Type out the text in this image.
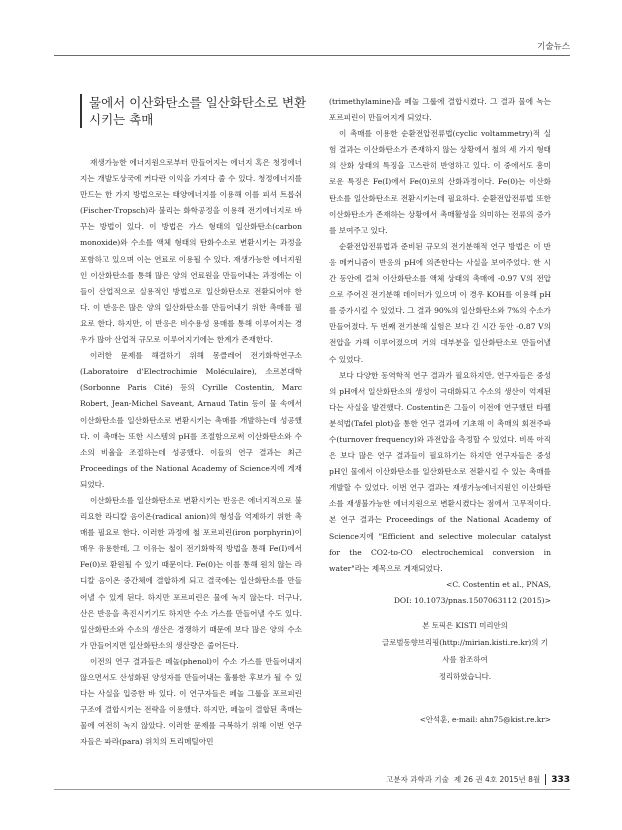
기술뉴스
물에서 이산화탄소를 일산화탄소로 변환시키는 촉매

재생가능한 에너지원으로부터 만들어지는 에너지 혹은 청정에너지는 개발도상국에 커다란 이익을 가져다 줄 수 있다. 청정에너지를 만드는 한 가지 방법으로는 태양에너지를 이용해 이를 피셔 트롭쉬(Fischer-Tropsch)라 불리는 화학공정을 이용해 전기에너지로 바꾸는 방법이 있다. 이 방법은 가스 형태의 일산화탄소(carbon monoxide)와 수소를 액체 형태의 탄화수소로 변환시키는 과정을 포함하고 있으며 이는 연료로 이용될 수 있다. 재생가능한 에너지원인 이산화탄소를 통해 많은 양의 연료원을 만들어내는 과정에는 이들이 산업적으로 실용적인 방법으로 일산화탄소로 전환되어야 한다. 이 반응은 많은 양의 일산화탄소를 만들어내기 위한 촉매를 필요로 한다. 하지만, 이 반응은 비수용성 용매를 통해 이루어지는 경우가 많아 산업적 규모로 이루어지기에는 한계가 존재한다.

이러한 문제를 해결하기 위해 몽클레어 전기화학연구소(Laboratoire d'Electrochimie Moléculaire), 소르본대학(Sorbonne Paris Cité) 등의 Cyrille Costentin, Marc Robert, Jean-Michel Saveant, Arnaud Tatin 등이 물 속에서 이산화탄소를 일산화탄소로 변환시키는 촉매를 개발하는데 성공했다. 이 촉매는 또한 시스템의 pH를 조절함으로써 이산화탄소와 수소의 비율을 조절하는데 성공했다. 이들의 연구 결과는 최근 Proceedings of the National Academy of Science지에 게재되었다.

이산화탄소를 일산화탄소로 변환시키는 반응은 에너지적으로 불리요한 라디칼 음이온(radical anion)의 형성을 억제하기 위한 촉매를 필요로 한다. 이러한 과정에 철 포르피린(iron porphyrin)이 매우 유용한데, 그 이유는 철이 전기화학적 방법을 통해 Fe(I)에서 Fe(0)로 환원될 수 있기 때문이다. Fe(0)는 이를 통해 원치 않는 라디칼 음이온 중간체에 결합하게 되고 결국에는 일산화탄소를 만들어낼 수 있게 된다. 하지만 포르피린은 물에 녹지 않는다. 더구나, 산은 반응을 촉진시키기도 하지만 수소 가스를 만들어낼 수도 있다. 일산화탄소와 수소의 생산은 경쟁하기 때문에 보다 많은 양의 수소가 만들어지면 일산화탄소의 생산량은 줄어든다.

이전의 연구 결과들은 페놀(phenol)이 수소 가스를 만들어내지 않으면서도 산성화된 양성자를 만들어내는 훌륭한 후보가 될 수 있다는 사실을 입증한 바 있다. 이 연구자들은 페놀 그룹을 포르피린 구조에 결합시키는 전략을 이용했다. 하지만, 페놀이 결합된 촉매는 물에 여전히 녹지 않았다. 이러한 문제를 극복하기 위해 이번 연구자들은 파라(para) 위치의 트리메틸아민

(trimethylamine)을 페놀 그룹에 결합시켰다. 그 결과 물에 녹는 포르피린이 만들어지게 되었다.

이 촉매를 이용한 순환전압전류법(cyclic voltammetry)적 실험 결과는 이산화탄소가 존재하지 않는 상황에서 철의 세 가지 형태의 산화 상태의 특징을 고스란히 반영하고 있다. 이 중에서도 흥미로운 특징은 Fe(I)에서 Fe(0)로의 산화과정이다. Fe(0)는 이산화탄소를 일산화탄소로 전환시키는데 필요하다. 순환전압전류법 또한 이산화탄소가 존재하는 상황에서 촉매활성을 의미하는 전류의 증가를 보여주고 있다.

순환전압전류법과 준비된 규모의 전기분해적 연구 방법은 이 반응 메커니즘이 반응의 pH에 의존한다는 사실을 보여주었다. 한 시간 동안에 걸쳐 이산화탄소를 액체 상태의 촉매에 -0.97 V의 전압으로 주어진 전기분해 데이터가 있으며 이 경우 KOH를 이용해 pH를 증가시킬 수 있었다. 그 결과 90%의 일산화탄소와 7%의 수소가 만들어졌다. 두 번째 전기분해 실험은 보다 긴 시간 동안 -0.87 V의 전압을 가해 이루어졌으며 거의 대부분을 일산화탄소로 만들어낼 수 있었다.

보다 다양한 동역학적 연구 결과가 필요하지만, 연구자들은 중성의 pH에서 일산화탄소의 생성이 극대화되고 수소의 생산이 억제된다는 사실을 발견했다. Costentin은 그들이 이전에 연구했던 타펠분석법(Tafel plot)을 통한 연구 결과에 기초해 이 촉매의 회전주파수(turnover frequency)와 과전압을 측정할 수 있었다. 비록 아직은 보다 많은 연구 결과들이 필요하기는 하지만 연구자들은 중성 pH인 물에서 이산화탄소를 일산화탄소로 전환시킬 수 있는 촉매를 개발할 수 있었다. 이번 연구 결과는 재생가능에너지원인 이산화탄소를 재생불가능한 에너지원으로 변환시켰다는 점에서 고무적이다. 본 연구 결과는 Proceedings of the National Academy of Science지에 "Efficient and selective molecular catalyst for the CO2-to-CO electrochemical conversion in water"라는 제목으로 게재되었다.

<C. Costentin et al., PNAS,
DOI: 10.1073/pnas.1507063112 (2015)>
본 토픽은 KISTI 미리안의
글로벌동향브리핑(http://mirian.kisti.re.kr)의 기사를 참조하여
정리하였습니다.
<안석훈, e-mail: ahn75@kist.re.kr>
고분자 과학과 기술 제 26 권 4호 2015년 8월 333
